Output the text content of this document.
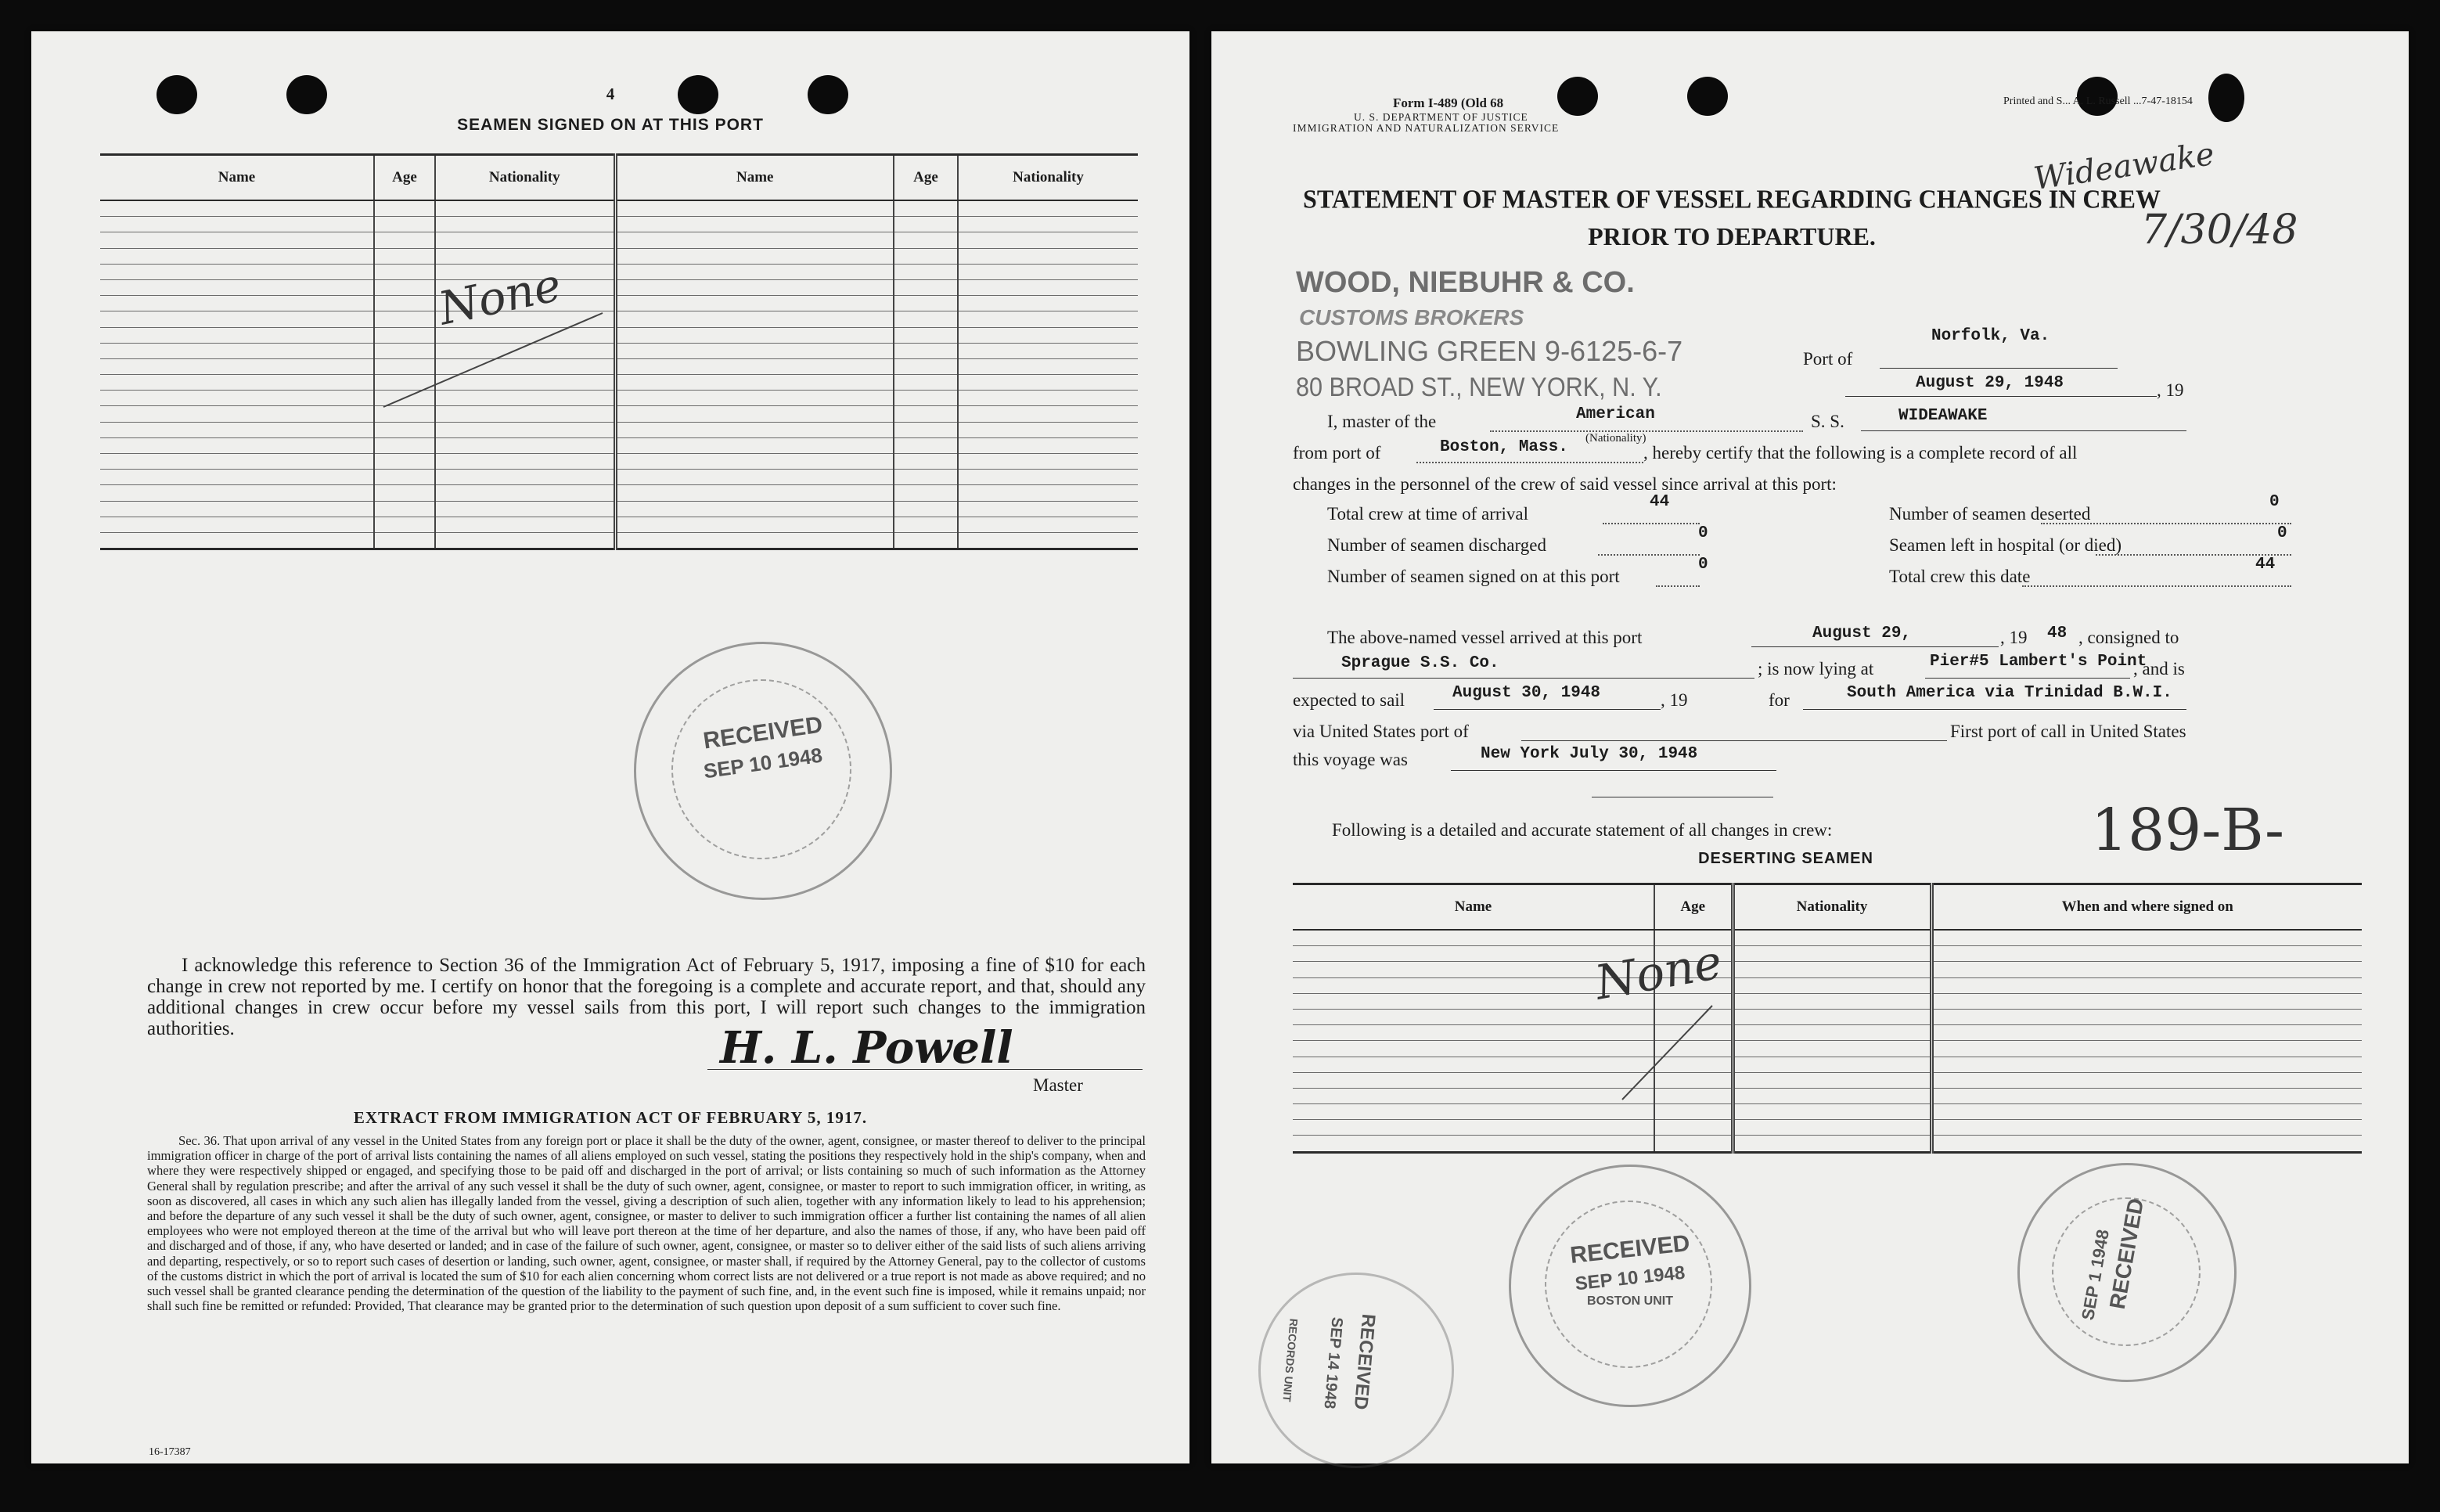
4
SEAMEN SIGNED ON AT THIS PORT
Name	Age	Nationality	Name	Age	Nationality

None
RECEIVED
SEP 10 1948
I acknowledge this reference to Section 36 of the Immigration Act of February 5, 1917, imposing a fine of $10 for each change in crew not reported by me. I certify on honor that the foregoing is a complete and accurate report, and that, should any additional changes in crew occur before my vessel sails from this port, I will report such changes to the immigration authorities.	H. L. Powell
Master
EXTRACT FROM IMMIGRATION ACT OF FEBRUARY 5, 1917.
Sec. 36. That upon arrival of any vessel in the United States from any foreign port or place it shall be the duty of the owner, agent, consignee, or master thereof to deliver to the principal immigration officer in charge of the port of arrival lists containing the names of all aliens employed on such vessel, stating the positions they respectively hold in the ship's company, when and where they were respectively shipped or engaged, and specifying those to be paid off and discharged in the port of arrival; or lists containing so much of such information as the Attorney General shall by regulation prescribe; and after the arrival of any such vessel it shall be the duty of such owner, agent, consignee, or master to report to such immigration officer, in writing, as soon as discovered, all cases in which any such alien has illegally landed from the vessel, giving a description of such alien, together with any information likely to lead to his apprehension; and before the departure of any such vessel it shall be the duty of such owner, agent, consignee, or master to deliver to such immigration officer a further list containing the names of all alien employees who were not employed thereon at the time of the arrival but who will leave port thereon at the time of her departure, and also the names of those, if any, who have been paid off and discharged and of those, if any, who have deserted or landed; and in case of the failure of such owner, agent, consignee, or master so to deliver either of the said lists of such aliens arriving and departing, respectively, or so to report such cases of desertion or landing, such owner, agent, consignee, or master shall, if required by the Attorney General, pay to the collector of customs of the customs district in which the port of arrival is located the sum of $10 for each alien concerning whom correct lists are not delivered or a true report is not made as above required; and no such vessel shall be granted clearance pending the determination of the question of the liability to the payment of such fine, and, in the event such fine is imposed, while it remains unpaid; nor shall such fine be remitted or refunded: Provided, That clearance may be granted prior to the determination of such question upon deposit of a sum sufficient to cover such fine.
16-17387
Form I-489 (Old 68
U. S. DEPARTMENT OF JUSTICE
IMMIGRATION AND NATURALIZATION SERVICE
Printed and S... A. L. Russell ...7-47-18154
Wideawake
7/30/48
STATEMENT OF MASTER OF VESSEL REGARDING CHANGES IN CREW
PRIOR TO DEPARTURE.
WOOD, NIEBUHR & CO.
CUSTOMS BROKERS
BOWLING GREEN 9-6125-6-7
80 BROAD ST., NEW YORK, N. Y.
Port of
Norfolk, Va.
August 29, 1948	, 19
I, master of the	American
(Nationality)
S. S.	WIDEAWAKE
from port of	Boston, Mass.	, hereby certify that the following is a complete record of all
changes in the personnel of the crew of said vessel since arrival at this port:
Total crew at time of arrival
44
Number of seamen discharged
0
Number of seamen signed on at this port
0
Number of seamen deserted
0
Seamen left in hospital (or died)
0
Total crew this date
44
The above-named vessel arrived at this port	August 29,	, 19 48 , consigned to
Sprague S.S. Co.	; is now lying at	Pier#5 Lambert's Point
, and is
expected to sail	August 30, 1948	, 19	for	South America via Trinidad B.W.I.
via United States port of	First port of call in United States
this voyage was	New York July 30, 1948
Following is a detailed and accurate statement of all changes in crew:	189-B-
DESERTING SEAMEN
Name	Age	Nationality	When and where signed on

None
RECEIVED
SEP 10 1948
BOSTON UNIT	RECEIVED
SEP 1 1948
RECEIVED
SEP 14 1948
RECORDS UNIT
